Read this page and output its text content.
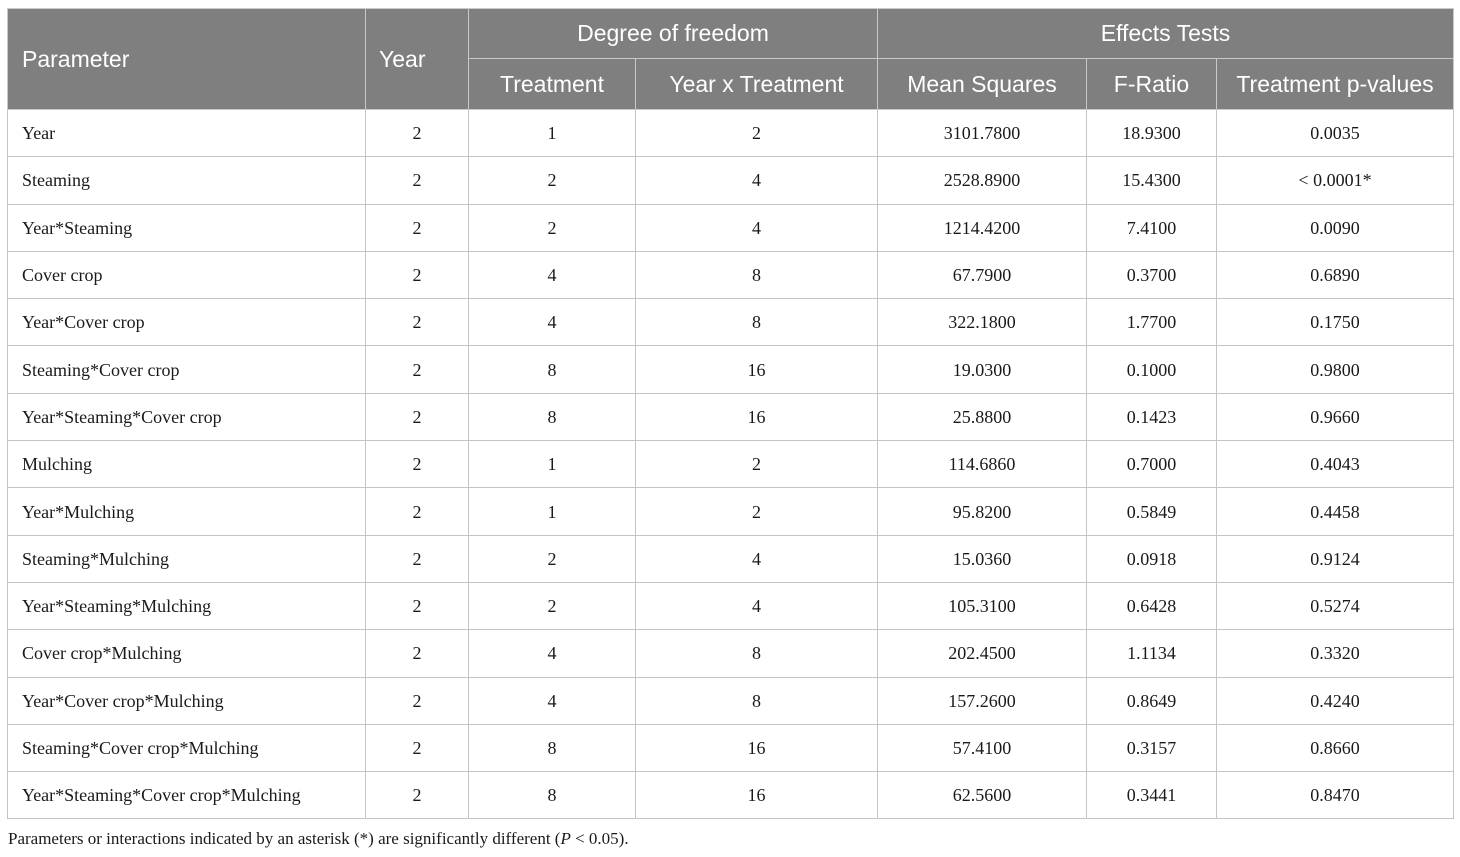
Parameter	Year	Degree of freedom		Effects Tests		
		Treatment	Year x Treatment	Mean Squares	F-Ratio	Treatment p-values
Year	2	1	2	3101.7800	18.9300	0.0035
Steaming	2	2	4	2528.8900	15.4300	< 0.0001*
Year*Steaming	2	2	4	1214.4200	7.4100	0.0090
Cover crop	2	4	8	67.7900	0.3700	0.6890
Year*Cover crop	2	4	8	322.1800	1.7700	0.1750
Steaming*Cover crop	2	8	16	19.0300	0.1000	0.9800
Year*Steaming*Cover crop	2	8	16	25.8800	0.1423	0.9660
Mulching	2	1	2	114.6860	0.7000	0.4043
Year*Mulching	2	1	2	95.8200	0.5849	0.4458
Steaming*Mulching	2	2	4	15.0360	0.0918	0.9124
Year*Steaming*Mulching	2	2	4	105.3100	0.6428	0.5274
Cover crop*Mulching	2	4	8	202.4500	1.1134	0.3320
Year*Cover crop*Mulching	2	4	8	157.2600	0.8649	0.4240
Steaming*Cover crop*Mulching	2	8	16	57.4100	0.3157	0.8660
Year*Steaming*Cover crop*Mulching	2	8	16	62.5600	0.3441	0.8470
Parameters or interactions indicated by an asterisk (*) are significantly different (P < 0.05).
